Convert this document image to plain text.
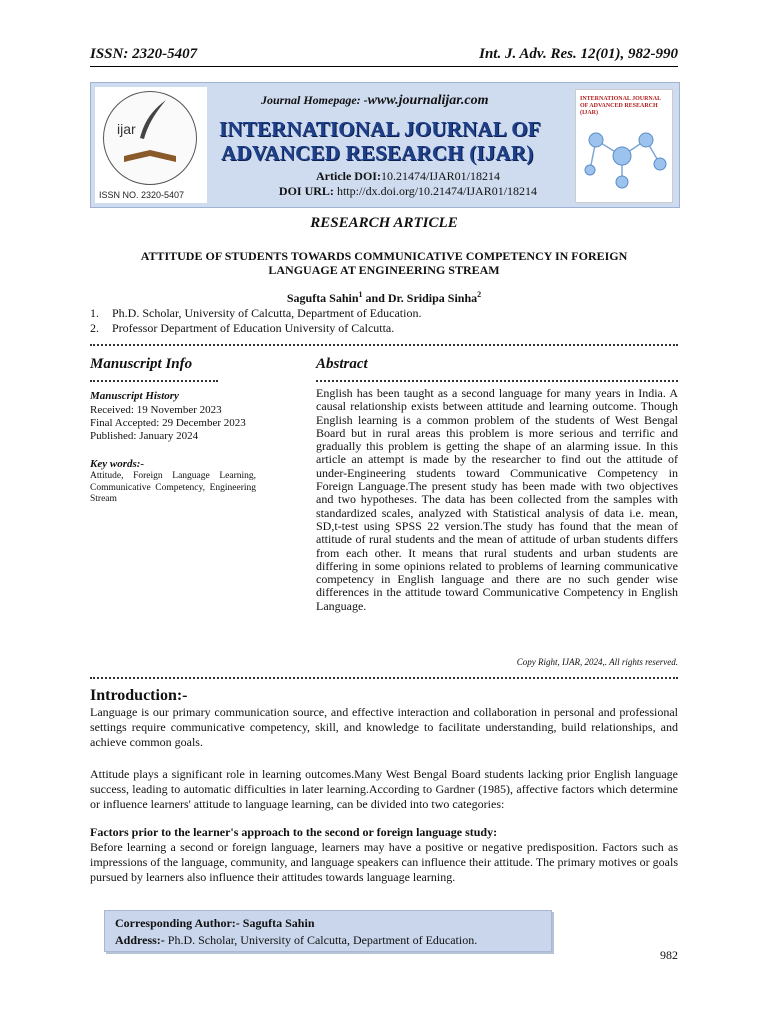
ISSN: 2320-5407	Int. J. Adv. Res. 12(01), 982-990
ijar
ISSN NO. 2320-5407
Journal Homepage: -www.journalijar.com
INTERNATIONAL JOURNAL OF
ADVANCED RESEARCH (IJAR)
Article DOI:10.21474/IJAR01/18214
DOI URL: http://dx.doi.org/10.21474/IJAR01/18214
INTERNATIONAL JOURNAL OF ADVANCED RESEARCH (IJAR)
RESEARCH ARTICLE
ATTITUDE OF STUDENTS TOWARDS COMMUNICATIVE COMPETENCY IN FOREIGN
LANGUAGE AT ENGINEERING STREAM
Sagufta Sahin$^1$ and Dr. Sridipa Sinha$^2$
1. Ph.D. Scholar, University of Calcutta, Department of Education.
2. Professor Department of Education University of Calcutta.
Manuscript Info
Manuscript History
Received: 19 November 2023
Final Accepted: 29 December 2023
Published: January 2024
Key words:-
Attitude, Foreign Language Learning, Communicative Competency, Engineering Stream
Abstract
English has been taught as a second language for many years in India. A causal relationship exists between attitude and learning outcome. Though English learning is a common problem of the students of West Bengal Board but in rural areas this problem is more serious and terrific and gradually this problem is getting the shape of an alarming issue. In this article an attempt is made by the researcher to find out the attitude of under-Engineering students toward Communicative Competency in Foreign Language.The present study has been made with two objectives and two hypotheses. The data has been collected from the samples with standardized scales, analyzed with Statistical analysis of data i.e. mean, SD,t-test using SPSS 22 version.The study has found that the mean of attitude of rural students and the mean of attitude of urban students differs from each other. It means that rural students and urban students are differing in some opinions related to problems of learning communicative competency in English language and there are no such gender wise differences in the attitude toward Communicative Competency in English Language.
Copy Right, IJAR, 2024,. All rights reserved.
Introduction:-
Language is our primary communication source, and effective interaction and collaboration in personal and professional settings require communicative competency, skill, and knowledge to facilitate understanding, build relationships, and achieve common goals.
Attitude plays a significant role in learning outcomes.Many West Bengal Board students lacking prior English language success, leading to automatic difficulties in later learning.According to Gardner (1985), affective factors which determine or influence learners' attitude to language learning, can be divided into two categories:
Factors prior to the learner's approach to the second or foreign language study:
Before learning a second or foreign language, learners may have a positive or negative predisposition. Factors such as impressions of the language, community, and language speakers can influence their attitude. The primary motives or goals pursued by learners also influence their attitudes towards language learning.
Corresponding Author:- Sagufta Sahin
Address:- Ph.D. Scholar, University of Calcutta, Department of Education.
982
